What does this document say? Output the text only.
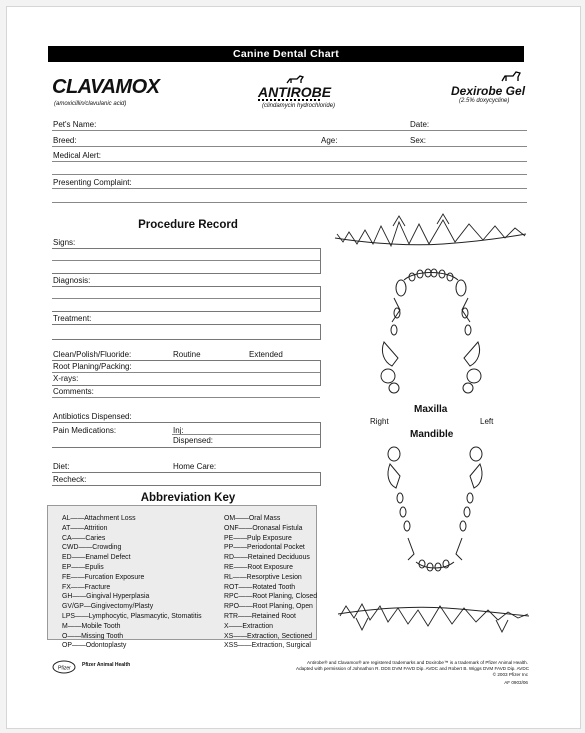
Canine Dental Chart
CLAVAMOX
(amoxicillin/clavulanic acid)
ANTIROBE
(clindamycin hydrochloride)
Dexirobe Gel
(2.5% doxycycline)
Pet's Name:	Date:
Breed:	Age:	Sex:
Medical Alert:
Presenting Complaint:
Procedure Record
Signs:
Diagnosis:
Treatment:
Clean/Polish/Fluoride:	Routine	Extended
Root Planing/Packing:
X-rays:
Comments:
Antibiotics Dispensed:
Pain Medications:	Inj:
Dispensed:
Diet:	Home Care:
Recheck:
Abbreviation Key
AL——Attachment Loss
AT——Attrition
CA——Caries
CWD——Crowding
ED——Enamel Defect
EP——Epulis
FE——Furcation Exposure
FX——Fracture
GH——Gingival Hyperplasia
GV/GP—Gingivectomy/Plasty
LPS——Lymphocytic, Plasmacytic, Stomatitis
M——Mobile Tooth
O——Missing Tooth
OP——Odontoplasty
OM——Oral Mass
ONF——Oronasal Fistula
PE——Pulp Exposure
PP——Periodontal Pocket
RD——Retained Deciduous
RE——Root Exposure
RL——Resorptive Lesion
ROT——Rotated Tooth
RPC——Root Planing, Closed
RPO——Root Planing, Open
RTR——Retained Root
X——Extraction
XS——Extraction, Sectioned
XSS——Extraction, Surgical
Maxilla
Right	Left
Mandible
Pfizer
Pfizer Animal Health	Antirobe® and Clavamox® are registered trademarks and Doxirobe™ is a trademark of Pfizer Animal Health.
Adapted with permission of Johnathon R. DDS DVM FAVD Dip. AVDC and Robert B. Wiggs DVM FAVD Dip. AVDC
© 2003 Pfizer Inc
AF 0903/06
